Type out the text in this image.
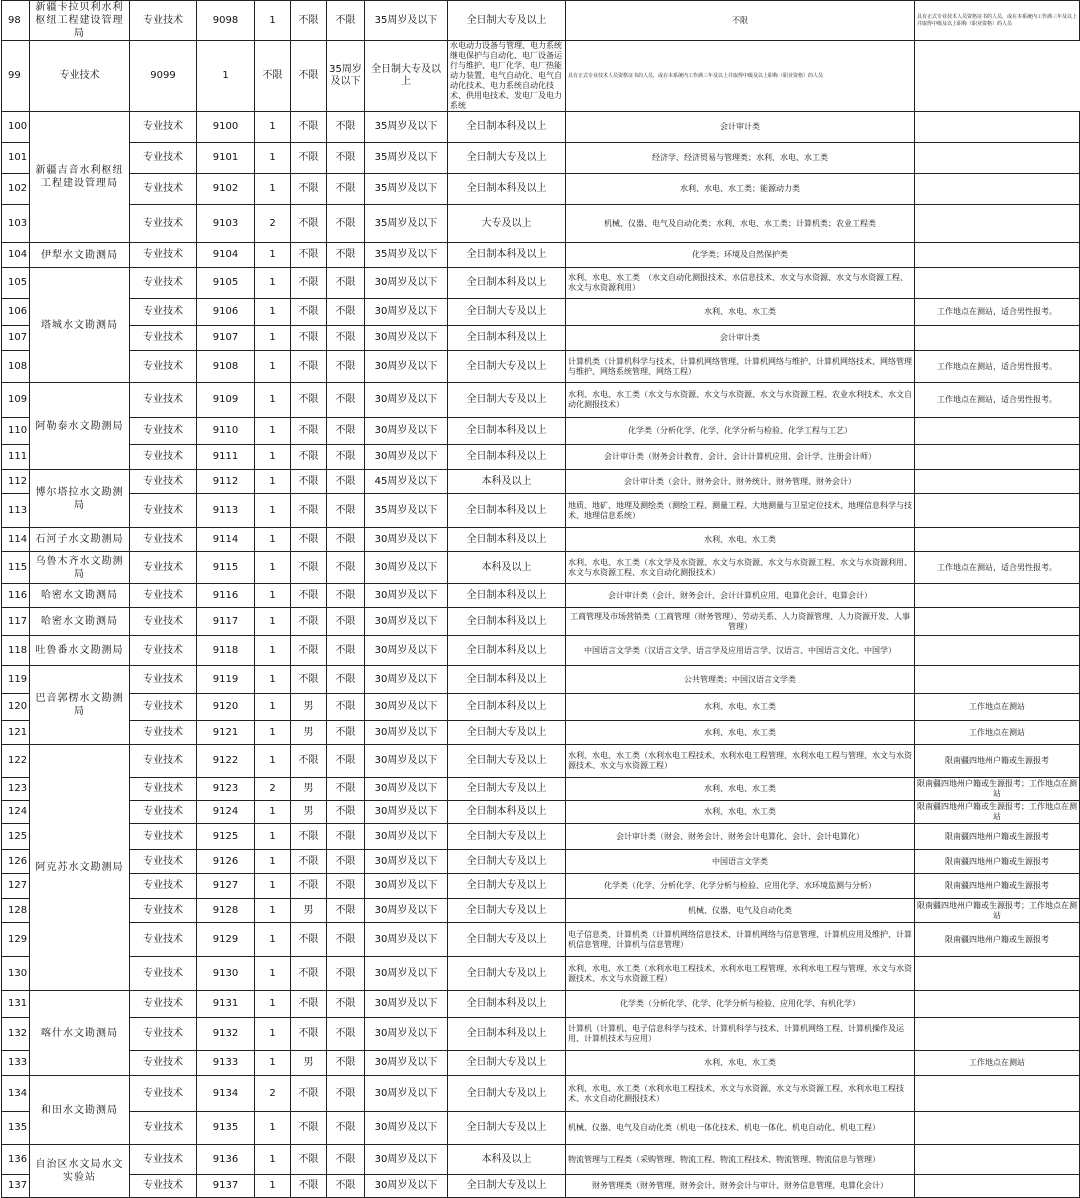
98	新疆卡拉贝利水利枢纽工程建设管理局	专业技术	9098	1	不限	不限	35周岁及以下	全日制大专及以上	不限	具有正式专业技术人员资格证书的人员，或在本系统内工作满三年及以上并取得中级及以上职称（职业资格）的人员
99	专业技术	9099	1	不限	不限	35周岁及以下	全日制大专及以上	水电动力设备与管理、电力系统继电保护与自动化、电厂设备运行与维护、电厂化学、电厂热能动力装置、电气自动化、电气自动化技术、电力系统自动化技术、供用电技术、发电厂及电力系统	具有正式专业技术人员资格证书的人员，或在本系统内工作满三年及以上并取得中级及以上职称（职业资格）的人员	
100	新疆吉音水利枢纽工程建设管理局	专业技术	9100	1	不限	不限	35周岁及以下	全日制本科及以上	会计审计类	
101		专业技术	9101	1	不限	不限	35周岁及以下	全日制大专及以上	经济学、经济贸易与管理类；水利、水电、水工类	
102		专业技术	9102	1	不限	不限	35周岁及以下	全日制本科及以上	水利、水电、水工类；能源动力类	
103		专业技术	9103	2	不限	不限	35周岁及以下	大专及以上	机械、仪器、电气及自动化类；水利、水电、水工类；计算机类；农业工程类	
104	伊犁水文勘测局	专业技术	9104	1	不限	不限	35周岁及以下	全日制本科及以上	化学类；环境及自然保护类	
105	塔城水文勘测局	专业技术	9105	1	不限	不限	30周岁及以下	全日制本科及以上	水利、水电、水工类　（水文自动化测报技术、水信息技术、水文与水资源、水文与水资源工程、水文与水资源利用）	
106		专业技术	9106	1	不限	不限	30周岁及以下	全日制大专及以上	水利、水电、水工类	工作地点在测站，适合男性报考。
107		专业技术	9107	1	不限	不限	30周岁及以下	全日制本科及以上	会计审计类	
108		专业技术	9108	1	不限	不限	30周岁及以下	全日制大专及以上	计算机类（计算机科学与技术、计算机网络管理、计算机网络与维护、计算机网络技术、网络管理与维护、网络系统管理、网络工程）	工作地点在测站，适合男性报考。
109	阿勒泰水文勘测局	专业技术	9109	1	不限	不限	30周岁及以下	全日制大专及以上	水利、水电、水工类（水文与水资源、水文与水资源、水文与水资源工程、农业水利技术、水文自动化测报技术）	工作地点在测站，适合男性报考。
110		专业技术	9110	1	不限	不限	30周岁及以下	全日制本科及以上	化学类（分析化学、化学、化学分析与检验、化学工程与工艺）	
111		专业技术	9111	1	不限	不限	30周岁及以下	全日制本科及以上	会计审计类（财务会计教育、会计、会计计算机应用、会计学、注册会计师）	
112	博尔塔拉水文勘测局	专业技术	9112	1	不限	不限	45周岁及以下	本科及以上	会计审计类（会计、财务会计、财务统计、财务管理、财务会计）	
113		专业技术	9113	1	不限	不限	35周岁及以下	全日制本科及以上	地质、地矿、地理及测绘类（测绘工程、测量工程、大地测量与卫星定位技术、地理信息科学与技术、地理信息系统）	
114	石河子水文勘测局	专业技术	9114	1	不限	不限	30周岁及以下	全日制本科及以上	水利、水电、水工类	
115	乌鲁木齐水文勘测局	专业技术	9115	1	不限	不限	30周岁及以下	本科及以上	水利、水电、水工类（水文学及水资源、水文与水资源、水文与水资源工程、水文与水资源利用、水文与水资源工程、水文自动化测报技术）	工作地点在测站，适合男性报考。
116	哈密水文勘测局	专业技术	9116	1	不限	不限	30周岁及以下	全日制本科及以上	会计审计类（会计、财务会计、会计计算机应用、电算化会计、电算会计）	
117	哈密水文勘测局	专业技术	9117	1	不限	不限	30周岁及以下	全日制本科及以上	工商管理及市场营销类（工商管理（财务管理）、劳动关系、人力资源管理、人力资源开发、人事管理）	
118	吐鲁番水文勘测局	专业技术	9118	1	不限	不限	30周岁及以下	全日制本科及以上	中国语言文学类（汉语言文学、语言学及应用语言学、汉语言、中国语言文化、中国学）	
119	巴音郭楞水文勘测局	专业技术	9119	1	不限	不限	30周岁及以下	全日制本科及以上	公共管理类；中国汉语言文学类	
120		专业技术	9120	1	男	不限	30周岁及以下	全日制本科及以上	水利、水电、水工类	工作地点在测站
121		专业技术	9121	1	男	不限	30周岁及以下	全日制大专及以上	水利、水电、水工类	工作地点在测站
122	阿克苏水文勘测局	专业技术	9122	1	不限	不限	30周岁及以下	全日制大专及以上	水利、水电、水工类（水利水电工程技术、水利水电工程管理、水利水电工程与管理、水文与水资源技术、水文与水资源工程）	限南疆四地州户籍或生源报考
123		专业技术	9123	2	男	不限	30周岁及以下	全日制大专及以上	水利、水电、水工类	限南疆四地州户籍或生源报考；工作地点在测站
124		专业技术	9124	1	男	不限	30周岁及以下	全日制本科及以上	水利、水电、水工类	限南疆四地州户籍或生源报考；工作地点在测站
125		专业技术	9125	1	不限	不限	30周岁及以下	全日制大专及以上	会计审计类（财会、财务会计、财务会计电算化、会计、会计电算化）	限南疆四地州户籍或生源报考
126		专业技术	9126	1	不限	不限	30周岁及以下	全日制大专及以上	中国语言文学类	限南疆四地州户籍或生源报考
127		专业技术	9127	1	不限	不限	30周岁及以下	全日制大专及以上	化学类（化学、分析化学、化学分析与检验、应用化学、水环境监测与分析）	限南疆四地州户籍或生源报考
128		专业技术	9128	1	男	不限	30周岁及以下	全日制大专及以上	机械、仪器、电气及自动化类	限南疆四地州户籍或生源报考；工作地点在测站
129		专业技术	9129	1	不限	不限	30周岁及以下	全日制大专及以上	电子信息类、计算机类（计算机网络信息技术、计算机网络与信息管理、计算机应用及维护、计算机信息管理、计算机与信息管理）	限南疆四地州户籍或生源报考
130		专业技术	9130	1	不限	不限	30周岁及以下	全日制大专及以上	水利、水电、水工类（水利水电工程技术、水利水电工程管理、水利水电工程与管理、水文与水资源技术、水文与水资源工程）	
131	喀什水文勘测局	专业技术	9131	1	不限	不限	30周岁及以下	全日制本科及以上	化学类（分析化学、化学、化学分析与检验、应用化学、有机化学）	
132		专业技术	9132	1	不限	不限	30周岁及以下	全日制本科及以上	计算机（计算机、电子信息科学与技术、计算机科学与技术、计算机网络工程、计算机操作及运用、计算机技术与应用）	
133		专业技术	9133	1	男	不限	30周岁及以下	全日制大专及以上	水利、水电、水工类	工作地点在测站
134	和田水文勘测局	专业技术	9134	2	不限	不限	30周岁及以下	全日制大专及以上	水利、水电、水工类（水利水电工程技术、水文与水资源、水文与水资源工程、水利水电工程技术、水文自动化测报技术）	
135		专业技术	9135	1	不限	不限	30周岁及以下	全日制大专及以上	机械、仪器、电气及自动化类（机电一体化技术、机电一体化、机电自动化、机电工程）	
136	自治区水文局水文实验站	专业技术	9136	1	不限	不限	30周岁及以下	本科及以上	物流管理与工程类（采购管理、物流工程、物流工程技术、物流管理、物流信息与管理）	
137		专业技术	9137	1	不限	不限	30周岁及以下	全日制大专及以上	财务管理类（财务管理、财务会计、财务会计与审计、财务信息管理、电算化会计）	
